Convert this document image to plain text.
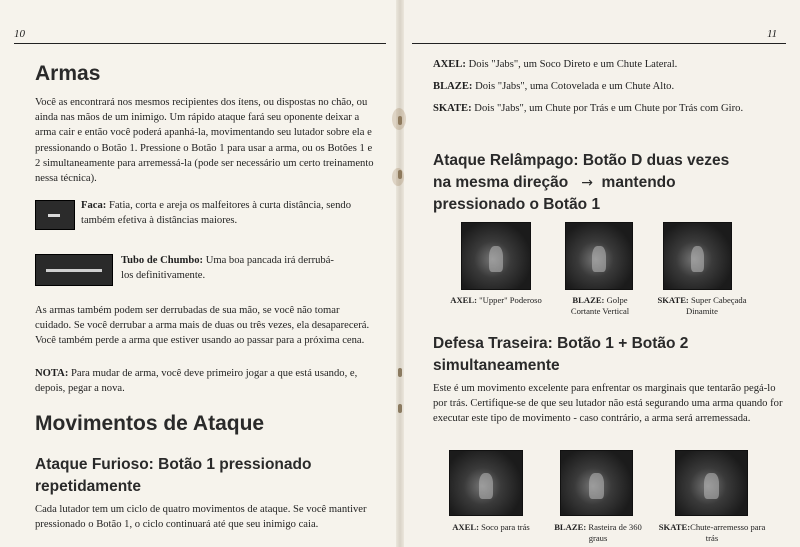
10
Armas
Você as encontrará nos mesmos recipientes dos ítens, ou dispostas no chão, ou ainda nas mãos de um inimigo. Um rápido ataque fará seu oponente deixar a arma cair e então você poderá apanhá-la, movimentando seu lutador sobre ela e pressionando o Botão 1. Pressione o Botão 1 para usar a arma, ou os Botões 1 e 2 simultaneamente para arremessá-la (pode ser necessário um certo treinamento nessa técnica).
Faca: Fatia, corta e areja os malfeitores à curta distância, sendo também efetiva à distâncias maiores.
Tubo de Chumbo: Uma boa pancada irá derrubá-los definitivamente.
As armas também podem ser derrubadas de sua mão, se você não tomar cuidado. Se você derrubar a arma mais de duas ou três vezes, ela desaparecerá. Você também perde a arma que estiver usando ao passar para a próxima cena.
NOTA: Para mudar de arma, você deve primeiro jogar a que está usando, e, depois, pegar a nova.
Movimentos de Ataque
Ataque Furioso: Botão 1 pressionado repetidamente
Cada lutador tem um ciclo de quatro movimentos de ataque. Se você mantiver pressionado o Botão 1, o ciclo continuará até que seu inimigo caia.
11
AXEL: Dois "Jabs", um Soco Direto e um Chute Lateral.
BLAZE: Dois "Jabs", uma Cotovelada e um Chute Alto.
SKATE: Dois "Jabs", um Chute por Trás e um Chute por Trás com Giro.
Ataque Relâmpago: Botão D duas vezes
na mesma direção → mantendo
pressionado o Botão 1
AXEL: "Upper" Poderoso	BLAZE: Golpe Cortante Vertical
SKATE: Super Cabeçada Dinamite
Defesa Traseira: Botão 1 + Botão 2
simultaneamente
Este é um movimento excelente para enfrentar os marginais que tentarão pegá-lo por trás. Certifique-se de que seu lutador não está segurando uma arma quando for executar este tipo de movimento - caso contrário, a arma será arremessada.
AXEL: Soco para trás	BLAZE: Rasteira de 360 graus
SKATE:Chute-arremesso para trás
